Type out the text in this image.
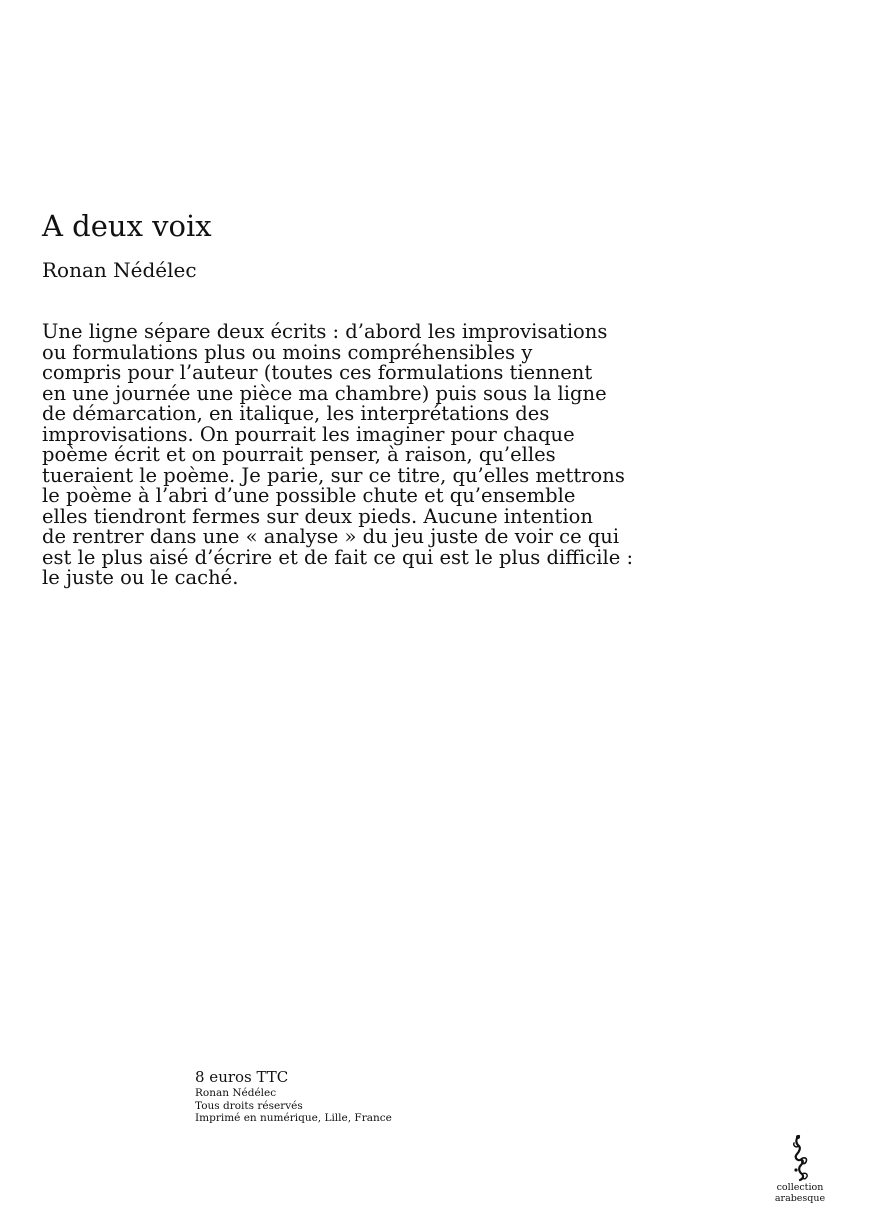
A deux voix

Ronan Nédélec

Une ligne sépare deux écrits : d’abord les improvisations
ou formulations plus ou moins compréhensibles y
compris pour l’auteur (toutes ces formulations tiennent
en une journée une pièce ma chambre) puis sous la ligne
de démarcation, en italique, les interprétations des
improvisations. On pourrait les imaginer pour chaque
poème écrit et on pourrait penser, à raison, qu’elles
tueraient le poème. Je parie, sur ce titre, qu’elles mettrons
le poème à l’abri d’une possible chute et qu’ensemble
elles tiendront fermes sur deux pieds. Aucune intention
de rentrer dans une « analyse » du jeu juste de voir ce qui
est le plus aisé d’écrire et de fait ce qui est le plus difficile :
le juste ou le caché.
8 euros TTC
Ronan Nédélec
Tous droits réservés
Imprimé en numérique, Lille, France
collection
arabesque
